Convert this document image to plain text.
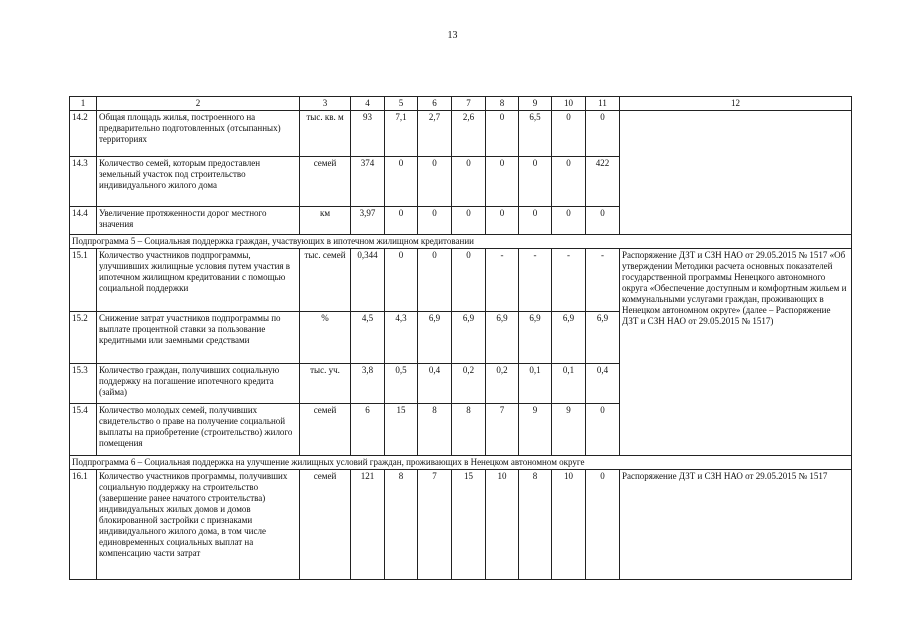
13
1	2	3	4	5	6	7	8	9	10	11	12
14.2	Общая площадь жилья, построенного на предварительно подготовленных (отсыпанных) территориях	тыс. кв. м	93	7,1	2,7	2,6	0	6,5	0	0	
14.3	Количество семей, которым предоставлен земельный участок под строительство индивидуального жилого дома	семей	374	0	0	0	0	0	0	422	
14.4	Увеличение протяженности дорог местного значения	км	3,97	0	0	0	0	0	0	0	
Подпрограмма 5 – Социальная поддержка граждан, участвующих в ипотечном жилищном кредитовании											
15.1	Количество участников подпрограммы, улучшивших жилищные условия путем участия в ипотечном жилищном кредитовании с помощью социальной поддержки	тыс. семей	0,344	0	0	0	-	-	-	-	Распоряжение ДЗТ и СЗН НАО от 29.05.2015 № 1517 «Об утверждении Методики расчета основных показателей государственной программы Ненецкого автономного округа «Обеспечение доступным и комфортным жильем и коммунальными услугами граждан, проживающих в Ненецком автономном округе» (далее – Распоряжение ДЗТ и СЗН НАО от 29.05.2015 № 1517)
15.2	Снижение затрат участников подпрограммы по выплате процентной ставки за пользование кредитными или заемными средствами	%	4,5	4,3	6,9	6,9	6,9	6,9	6,9	6,9	
15.3	Количество граждан, получивших социальную поддержку на погашение ипотечного кредита (займа)	тыс. уч.	3,8	0,5	0,4	0,2	0,2	0,1	0,1	0,4	
15.4	Количество молодых семей, получивших свидетельство о праве на получение социальной выплаты на приобретение (строительство) жилого помещения	семей	6	15	8	8	7	9	9	0	
Подпрограмма 6 – Социальная поддержка на улучшение жилищных условий граждан, проживающих в Ненецком автономном округе											
16.1	Количество участников программы, получивших социальную поддержку на строительство (завершение ранее начатого строительства) индивидуальных жилых домов и домов блокированной застройки с признаками индивидуального жилого дома, в том числе единовременных социальных выплат на компенсацию части затрат	семей	121	8	7	15	10	8	10	0	Распоряжение ДЗТ и СЗН НАО от 29.05.2015 № 1517
